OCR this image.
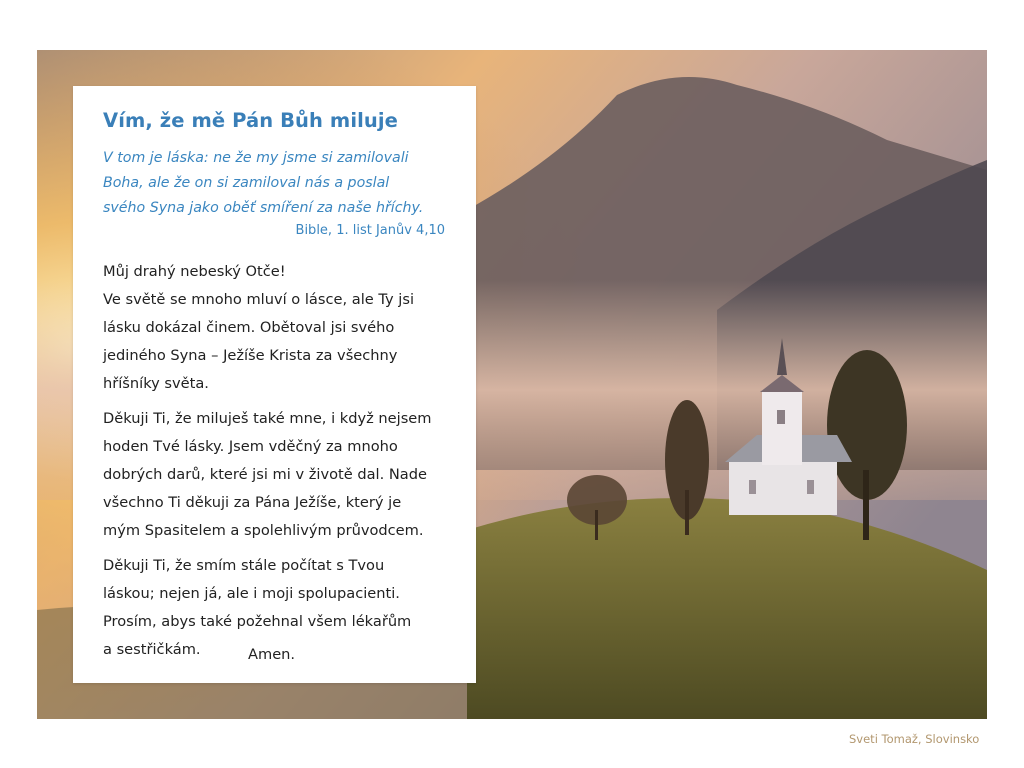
Sveti Tomaž, Slovinsko
Vím, že mě Pán Bůh miluje
V tom je láska: ne že my jsme si zamilovali
Boha, ale že on si zamiloval nás a poslal
svého Syna jako oběť smíření za naše hříchy.
Bible, 1. list Janův 4,10
Můj drahý nebeský Otče!
Ve světě se mnoho mluví o lásce, ale Ty jsi
lásku dokázal činem. Obětoval jsi svého
jediného Syna – Ježíše Krista za všechny
hříšníky světa.
Děkuji Ti, že miluješ také mne, i když nejsem
hoden Tvé lásky. Jsem vděčný za mnoho
dobrých darů, které jsi mi v životě dal. Nade
všechno Ti děkuji za Pána Ježíše, který je
mým Spasitelem a spolehlivým průvodcem.
Děkuji Ti, že smím stále počítat s Tvou
láskou; nejen já, ale i moji spolupacienti.
Prosím, abys také požehnal všem lékařům
a sestřičkám.	Amen.
